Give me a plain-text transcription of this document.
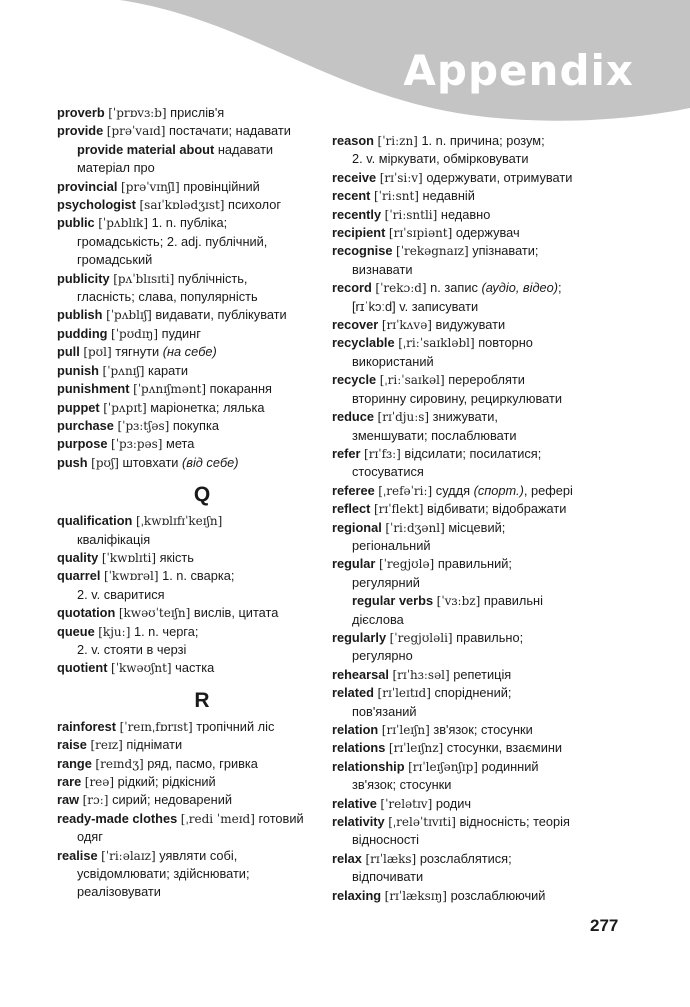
Appendix
proverb [ˈprɒvɜːb] прислів'я
provide [prəˈvaɪd] постачати; надавати
provide material about надавати
матеріал про
provincial [prəˈvɪnʃl] провінційний
psychologist [saɪˈkɒlədʒɪst] психолог
public [ˈpʌblɪk] 1. n. публіка;
громадськість; 2. adj. публічний,
громадський
publicity [pʌˈblɪsɪti] публічність,
гласність; слава, популярність
publish [ˈpʌblɪʃ] видавати, публікувати
pudding [ˈpʊdɪŋ] пудинг
pull [pʊl] тягнути (на себе)
punish [ˈpʌnɪʃ] карати
punishment [ˈpʌnɪʃmənt] покарання
puppet [ˈpʌpɪt] маріонетка; лялька
purchase [ˈpɜːtʃəs] покупка
purpose [ˈpɜːpəs] мета
push [pʊʃ] штовхати (від себе)
Q
qualification [ˌkwɒlɪfɪˈkeɪʃn]
кваліфікація
quality [ˈkwɒlɪti] якість
quarrel [ˈkwɒrəl] 1. n. сварка;
2. v. сваритися
quotation [kwəʊˈteɪʃn] вислів, цитата
queue [kjuː] 1. n. черга;
2. v. стояти в черзі
quotient [ˈkwəʊʃnt] частка
R
rainforest [ˈreɪnˌfɒrɪst] тропічний ліс
raise [reɪz] піднімати
range [reɪndʒ] ряд, пасмо, гривка
rare [reə] рідкий; рідкісний
raw [rɔː] сирий; недоварений
ready-made clothes [ˌredi ˈmeɪd] готовий
одяг
realise [ˈriːəlaɪz] уявляти собі,
усвідомлювати; здійснювати;
реалізовувати
reason [ˈriːzn] 1. n. причина; розум;
2. v. міркувати, обмірковувати
receive [rɪˈsiːv] одержувати, отримувати
recent [ˈriːsnt] недавній
recently [ˈriːsntli] недавно
recipient [rɪˈsɪpiənt] одержувач
recognise [ˈrekəgnaɪz] упізнавати;
визнавати
record [ˈrekɔːd] n. запис (аудіо, відео);
[rɪˈkɔːd] v. записувати
recover [rɪˈkʌvə] видужувати
recyclable [ˌriːˈsaɪkləbl] повторно
використаний
recycle [ˌriːˈsaɪkəl] переробляти
вторинну сировину, рециркулювати
reduce [rɪˈdjuːs] знижувати,
зменшувати; послаблювати
refer [rɪˈfɜː] відсилати; посилатися;
стосуватися
referee [ˌrefəˈriː] суддя (спорт.), рефері
reflect [rɪˈflekt] відбивати; відображати
regional [ˈriːdʒənl] місцевий;
регіональний
regular [ˈregjʊlə] правильний;
регулярний
regular verbs [ˈvɜːbz] правильні
дієслова
regularly [ˈregjʊləli] правильно;
регулярно
rehearsal [rɪˈhɜːsəl] репетиція
related [rɪˈleɪtɪd] споріднений;
пов'язаний
relation [rɪˈleɪʃn] зв'язок; стосунки
relations [rɪˈleɪʃnz] стосунки, взаємини
relationship [rɪˈleɪʃənʃɪp] родинний
зв'язок; стосунки
relative [ˈrelətɪv] родич
relativity [ˌreləˈtɪvɪti] відносність; теорія
відносності
relax [rɪˈlæks] розслаблятися;
відпочивати
relaxing [rɪˈlæksɪŋ] розслаблюючий
277
